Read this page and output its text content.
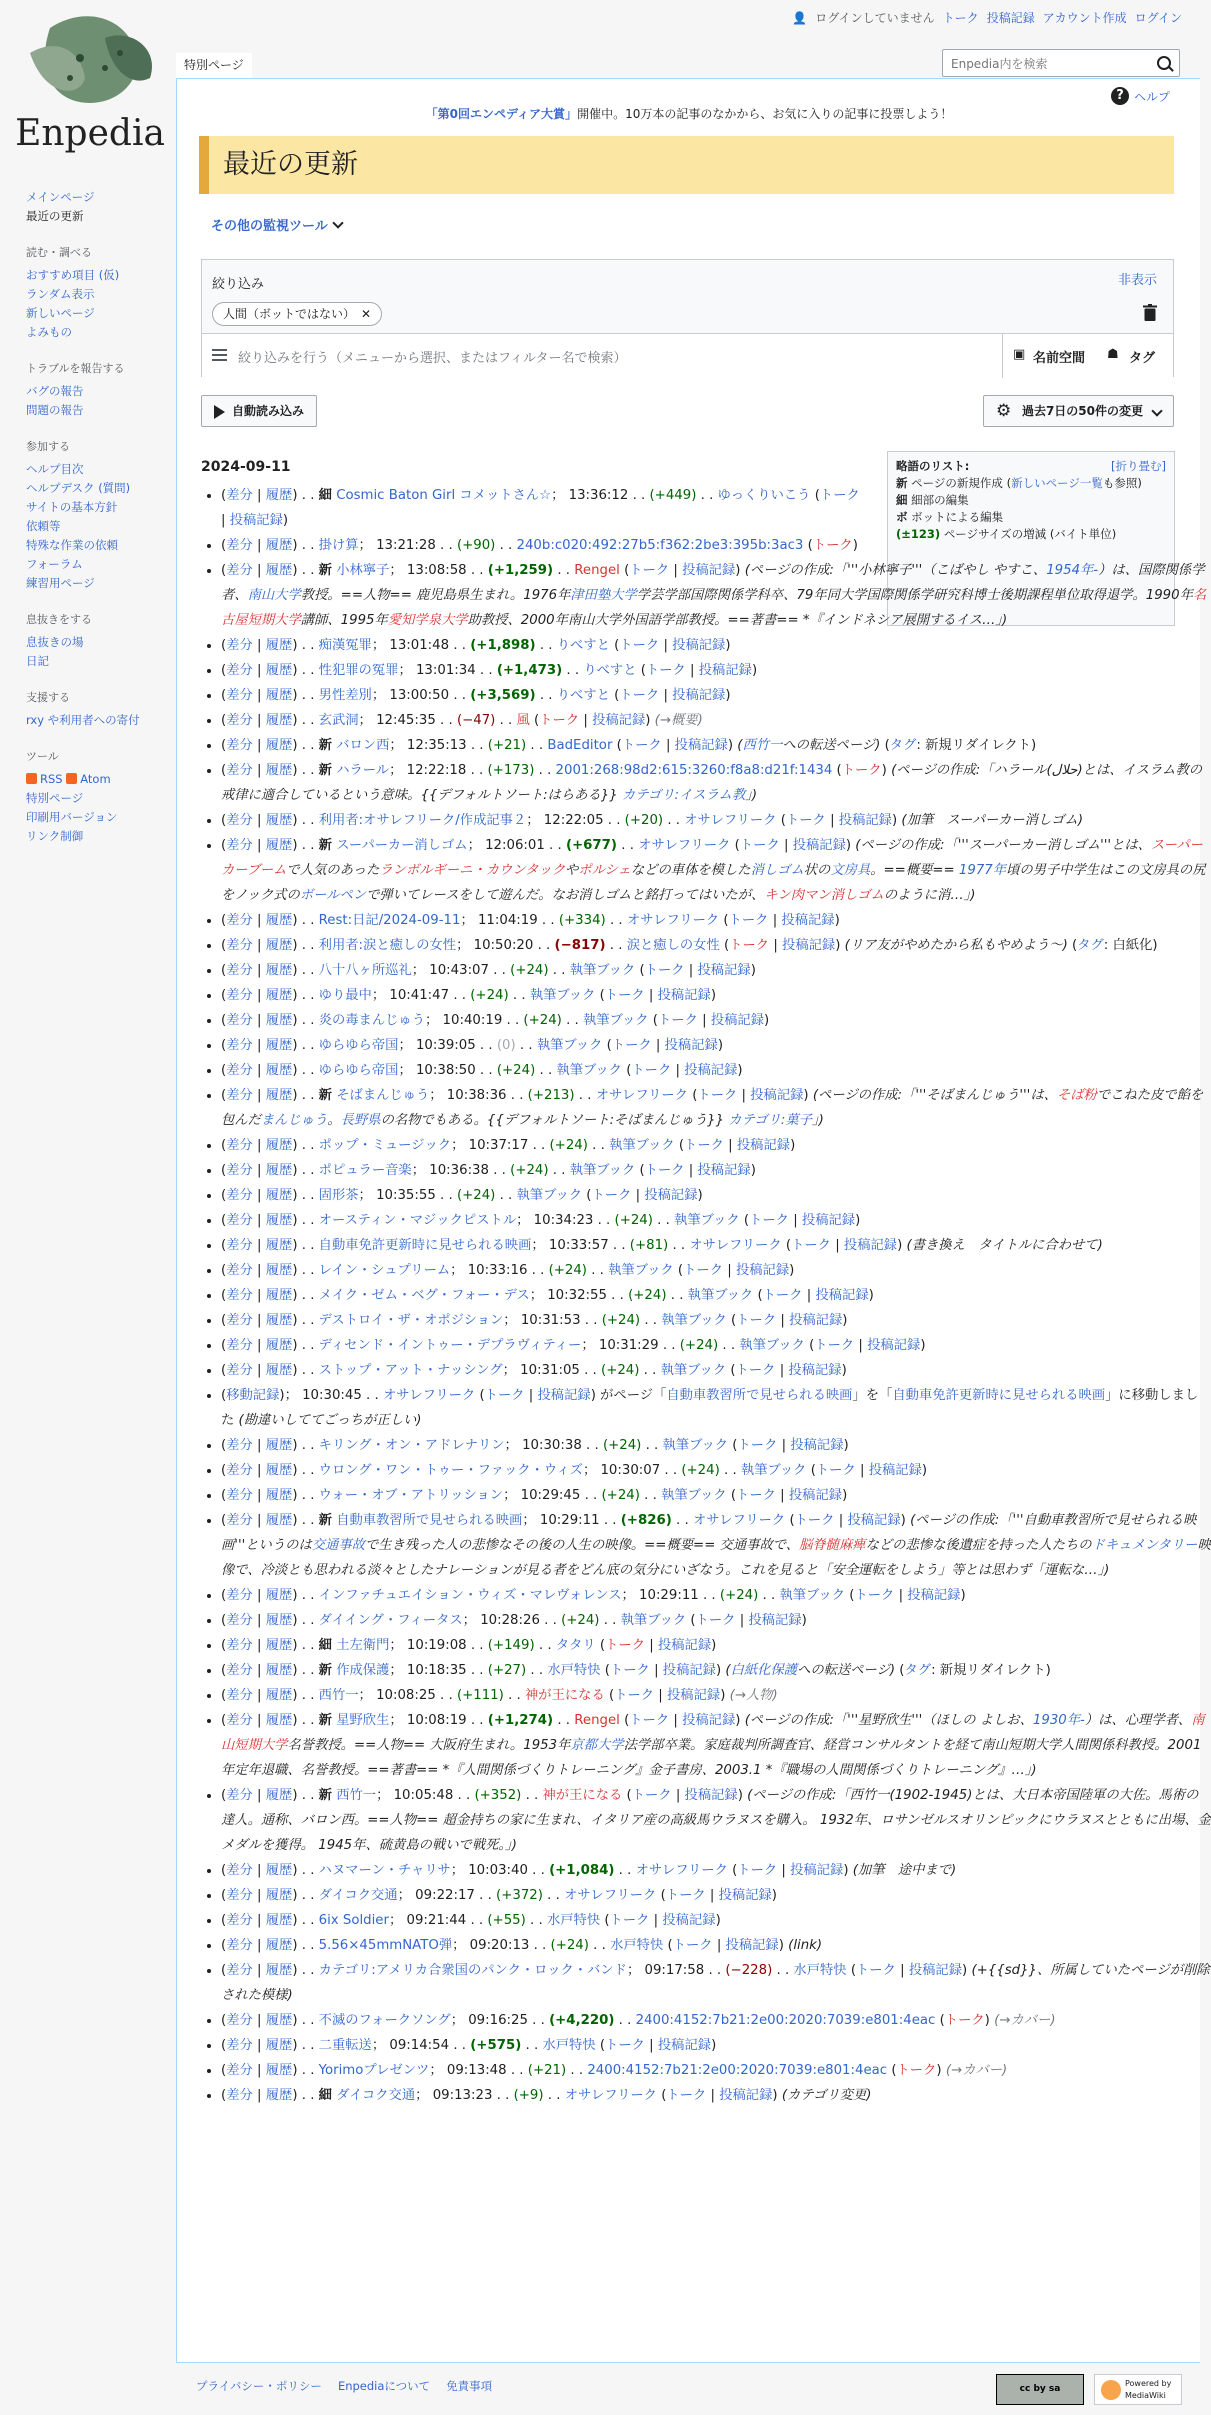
Enpedia
👤 ログインしていません トーク 投稿記録 アカウント作成 ログイン
特別ページ
Enpedia内を検索
メインページ
最近の更新
読む・調べる
おすすめ項目 (仮)
ランダム表示
新しいページ
よみもの
トラブルを報告する
バグの報告
問題の報告
参加する
ヘルプ目次
ヘルプデスク (質問)
サイトの基本方針
依頼等
特殊な作業の依頼
フォーラム
練習用ページ
息抜きをする
息抜きの場
日記
支援する
rxy や利用者への寄付
ツール
RSS Atom
特別ページ
印刷用バージョン
リンク制御
? ヘルプ
「第0回エンペディア大賞」開催中。10万本の記事のなかから、お気に入りの記事に投票しよう！
最近の更新
その他の監視ツール
絞り込み	非表示
人間（ボットではない） ✕
絞り込みを行う（メニューから選択、またはフィルター名で検索）	▣ 名前空間 ☗ タグ
自動読み込み	⚙ 過去7日の50件の変更
略語のリスト:	[折り畳む]
新 ページの新規作成 (新しいページ一覧も参照)
細 細部の編集
ボ ボットによる編集
(±123) ページサイズの増減 (バイト単位)
2024-09-11
• (差分 | 履歴) . . 細 Cosmic Baton Girl コメットさん☆； 13:36:12 . . (+449) . . ゆっくりいこう (トーク | 投稿記録)
• (差分 | 履歴) . . 掛け算； 13:21:28 . . (+90) . . 240b:c020:492:27b5:f362:2be3:395b:3ac3 (トーク)
• (差分 | 履歴) . . 新 小林寧子； 13:08:58 . . (+1,259) . . Rengel (トーク | 投稿記録) (ページの作成:「'''小林寧子'''（こばやし やすこ、1954年-）は、国際関係学者、南山大学教授。==人物== 鹿児島県生まれ。1976年津田塾大学学芸学部国際関係学科卒、79年同大学国際関係学研究科博士後期課程単位取得退学。1990年名古屋短期大学講師、1995年愛知学泉大学助教授、2000年南山大学外国語学部教授。==著書== *『インドネシア展開するイス…」)
• (差分 | 履歴) . . 痴漢冤罪； 13:01:48 . . (+1,898) . . りべすと (トーク | 投稿記録)
• (差分 | 履歴) . . 性犯罪の冤罪； 13:01:34 . . (+1,473) . . りべすと (トーク | 投稿記録)
• (差分 | 履歴) . . 男性差別； 13:00:50 . . (+3,569) . . りべすと (トーク | 投稿記録)
• (差分 | 履歴) . . 玄武洞； 12:45:35 . . (−47) . . 風 (トーク | 投稿記録) (→概要)
• (差分 | 履歴) . . 新 バロン西； 12:35:13 . . (+21) . . BadEditor (トーク | 投稿記録) (西竹一への転送ページ) (タグ: 新規リダイレクト)
• (差分 | 履歴) . . 新 ハラール； 12:22:18 . . (+173) . . 2001:268:98d2:615:3260:f8a8:d21f:1434 (トーク) (ページの作成:「ハラール(حلال)とは、イスラム教の戒律に適合しているという意味。{{デフォルトソート:はらある}} カテゴリ:イスラム教」)
• (差分 | 履歴) . . 利用者:オサレフリーク/作成記事２； 12:22:05 . . (+20) . . オサレフリーク (トーク | 投稿記録) (加筆　スーパーカー消しゴム)
• (差分 | 履歴) . . 新 スーパーカー消しゴム； 12:06:01 . . (+677) . . オサレフリーク (トーク | 投稿記録) (ページの作成:「'''スーパーカー消しゴム'''とは、スーパーカーブームで人気のあったランボルギーニ・カウンタックやポルシェなどの車体を模した消しゴム状の文房具。==概要== 1977年頃の男子中学生はこの文房具の尻をノック式のボールペンで弾いてレースをして遊んだ。なお消しゴムと銘打ってはいたが、キン肉マン消しゴムのように消…」)
• (差分 | 履歴) . . Rest:日記/2024-09-11； 11:04:19 . . (+334) . . オサレフリーク (トーク | 投稿記録)
• (差分 | 履歴) . . 利用者:涙と癒しの女性； 10:50:20 . . (−817) . . 涙と癒しの女性 (トーク | 投稿記録) (リア友がやめたから私もやめよう〜) (タグ: 白紙化)
• (差分 | 履歴) . . 八十八ヶ所巡礼； 10:43:07 . . (+24) . . 執筆ブック (トーク | 投稿記録)
• (差分 | 履歴) . . ゆり最中； 10:41:47 . . (+24) . . 執筆ブック (トーク | 投稿記録)
• (差分 | 履歴) . . 炎の毒まんじゅう； 10:40:19 . . (+24) . . 執筆ブック (トーク | 投稿記録)
• (差分 | 履歴) . . ゆらゆら帝国； 10:39:05 . . (0) . . 執筆ブック (トーク | 投稿記録)
• (差分 | 履歴) . . ゆらゆら帝国； 10:38:50 . . (+24) . . 執筆ブック (トーク | 投稿記録)
• (差分 | 履歴) . . 新 そばまんじゅう； 10:38:36 . . (+213) . . オサレフリーク (トーク | 投稿記録) (ページの作成:「'''そばまんじゅう'''は、そば粉でこねた皮で餡を包んだまんじゅう。長野県の名物でもある。{{デフォルトソート:そばまんじゅう}} カテゴリ:菓子」)
• (差分 | 履歴) . . ポップ・ミュージック； 10:37:17 . . (+24) . . 執筆ブック (トーク | 投稿記録)
• (差分 | 履歴) . . ポピュラー音楽； 10:36:38 . . (+24) . . 執筆ブック (トーク | 投稿記録)
• (差分 | 履歴) . . 固形茶； 10:35:55 . . (+24) . . 執筆ブック (トーク | 投稿記録)
• (差分 | 履歴) . . オースティン・マジックピストル； 10:34:23 . . (+24) . . 執筆ブック (トーク | 投稿記録)
• (差分 | 履歴) . . 自動車免許更新時に見せられる映画； 10:33:57 . . (+81) . . オサレフリーク (トーク | 投稿記録) (書き換え　タイトルに合わせて)
• (差分 | 履歴) . . レイン・シュプリーム； 10:33:16 . . (+24) . . 執筆ブック (トーク | 投稿記録)
• (差分 | 履歴) . . メイク・ゼム・ベグ・フォー・デス； 10:32:55 . . (+24) . . 執筆ブック (トーク | 投稿記録)
• (差分 | 履歴) . . デストロイ・ザ・オポジション； 10:31:53 . . (+24) . . 執筆ブック (トーク | 投稿記録)
• (差分 | 履歴) . . ディセンド・イントゥー・デプラヴィティー； 10:31:29 . . (+24) . . 執筆ブック (トーク | 投稿記録)
• (差分 | 履歴) . . ストップ・アット・ナッシング； 10:31:05 . . (+24) . . 執筆ブック (トーク | 投稿記録)
• (移動記録)； 10:30:45 . . オサレフリーク (トーク | 投稿記録) がページ「自動車教習所で見せられる映画」を「自動車免許更新時に見せられる映画」に移動しました (勘違いしててごっちが正しい)
• (差分 | 履歴) . . キリング・オン・アドレナリン； 10:30:38 . . (+24) . . 執筆ブック (トーク | 投稿記録)
• (差分 | 履歴) . . ウロング・ワン・トゥー・ファック・ウィズ； 10:30:07 . . (+24) . . 執筆ブック (トーク | 投稿記録)
• (差分 | 履歴) . . ウォー・オブ・アトリッション； 10:29:45 . . (+24) . . 執筆ブック (トーク | 投稿記録)
• (差分 | 履歴) . . 新 自動車教習所で見せられる映画； 10:29:11 . . (+826) . . オサレフリーク (トーク | 投稿記録) (ページの作成:「'''自動車教習所で見せられる映画'''というのは交通事故で生き残った人の悲惨なその後の人生の映像。==概要== 交通事故で、脳脊髄麻痺などの悲惨な後遺症を持った人たちのドキュメンタリー映像で、冷淡とも思われる淡々としたナレーションが見る者をどん底の気分にいざなう。これを見ると「安全運転をしよう」等とは思わず「運転な…」)
• (差分 | 履歴) . . インファチュエイション・ウィズ・マレヴォレンス； 10:29:11 . . (+24) . . 執筆ブック (トーク | 投稿記録)
• (差分 | 履歴) . . ダイイング・フィータス； 10:28:26 . . (+24) . . 執筆ブック (トーク | 投稿記録)
• (差分 | 履歴) . . 細 土左衛門； 10:19:08 . . (+149) . . タタリ (トーク | 投稿記録)
• (差分 | 履歴) . . 新 作成保護； 10:18:35 . . (+27) . . 水戸特快 (トーク | 投稿記録) (白紙化保護への転送ページ) (タグ: 新規リダイレクト)
• (差分 | 履歴) . . 西竹一； 10:08:25 . . (+111) . . 神が王になる (トーク | 投稿記録) (→人物)
• (差分 | 履歴) . . 新 星野欣生； 10:08:19 . . (+1,274) . . Rengel (トーク | 投稿記録) (ページの作成:「'''星野欣生'''（ほしの よしお、1930年-）は、心理学者、南山短期大学名誉教授。==人物== 大阪府生まれ。1953年京都大学法学部卒業。家庭裁判所調査官、経営コンサルタントを経て南山短期大学人間関係科教授。2001年定年退職、名誉教授。==著書== *『人間関係づくりトレーニング』金子書房、2003.1 *『職場の人間関係づくりトレーニング』…」)
• (差分 | 履歴) . . 新 西竹一； 10:05:48 . . (+352) . . 神が王になる (トーク | 投稿記録) (ページの作成:「西竹一(1902-1945)とは、大日本帝国陸軍の大佐。馬術の達人。通称、バロン西。==人物== 超金持ちの家に生まれ、イタリア産の高級馬ウラヌスを購入。 1932年、ロサンゼルスオリンピックにウラヌスとともに出場、金メダルを獲得。 1945年、硫黄島の戦いで戦死。」)
• (差分 | 履歴) . . ハヌマーン・チャリサ； 10:03:40 . . (+1,084) . . オサレフリーク (トーク | 投稿記録) (加筆　途中まで)
• (差分 | 履歴) . . ダイコク交通； 09:22:17 . . (+372) . . オサレフリーク (トーク | 投稿記録)
• (差分 | 履歴) . . 6ix Soldier； 09:21:44 . . (+55) . . 水戸特快 (トーク | 投稿記録)
• (差分 | 履歴) . . 5.56×45mmNATO弾； 09:20:13 . . (+24) . . 水戸特快 (トーク | 投稿記録) (link)
• (差分 | 履歴) . . カテゴリ:アメリカ合衆国のパンク・ロック・バンド； 09:17:58 . . (−228) . . 水戸特快 (トーク | 投稿記録) (+{{sd}}、所属していたページが削除された模様)
• (差分 | 履歴) . . 不滅のフォークソング； 09:16:25 . . (+4,220) . . 2400:4152:7b21:2e00:2020:7039:e801:4eac (トーク) (→カバー)
• (差分 | 履歴) . . 二重転送； 09:14:54 . . (+575) . . 水戸特快 (トーク | 投稿記録)
• (差分 | 履歴) . . Yorimoプレゼンツ； 09:13:48 . . (+21) . . 2400:4152:7b21:2e00:2020:7039:e801:4eac (トーク) (→カバー)
• (差分 | 履歴) . . 細 ダイコク交通； 09:13:23 . . (+9) . . オサレフリーク (トーク | 投稿記録) (カテゴリ変更)
プライバシー・ポリシー Enpediaについて 免責事項	cc by sa
Powered by MediaWiki
